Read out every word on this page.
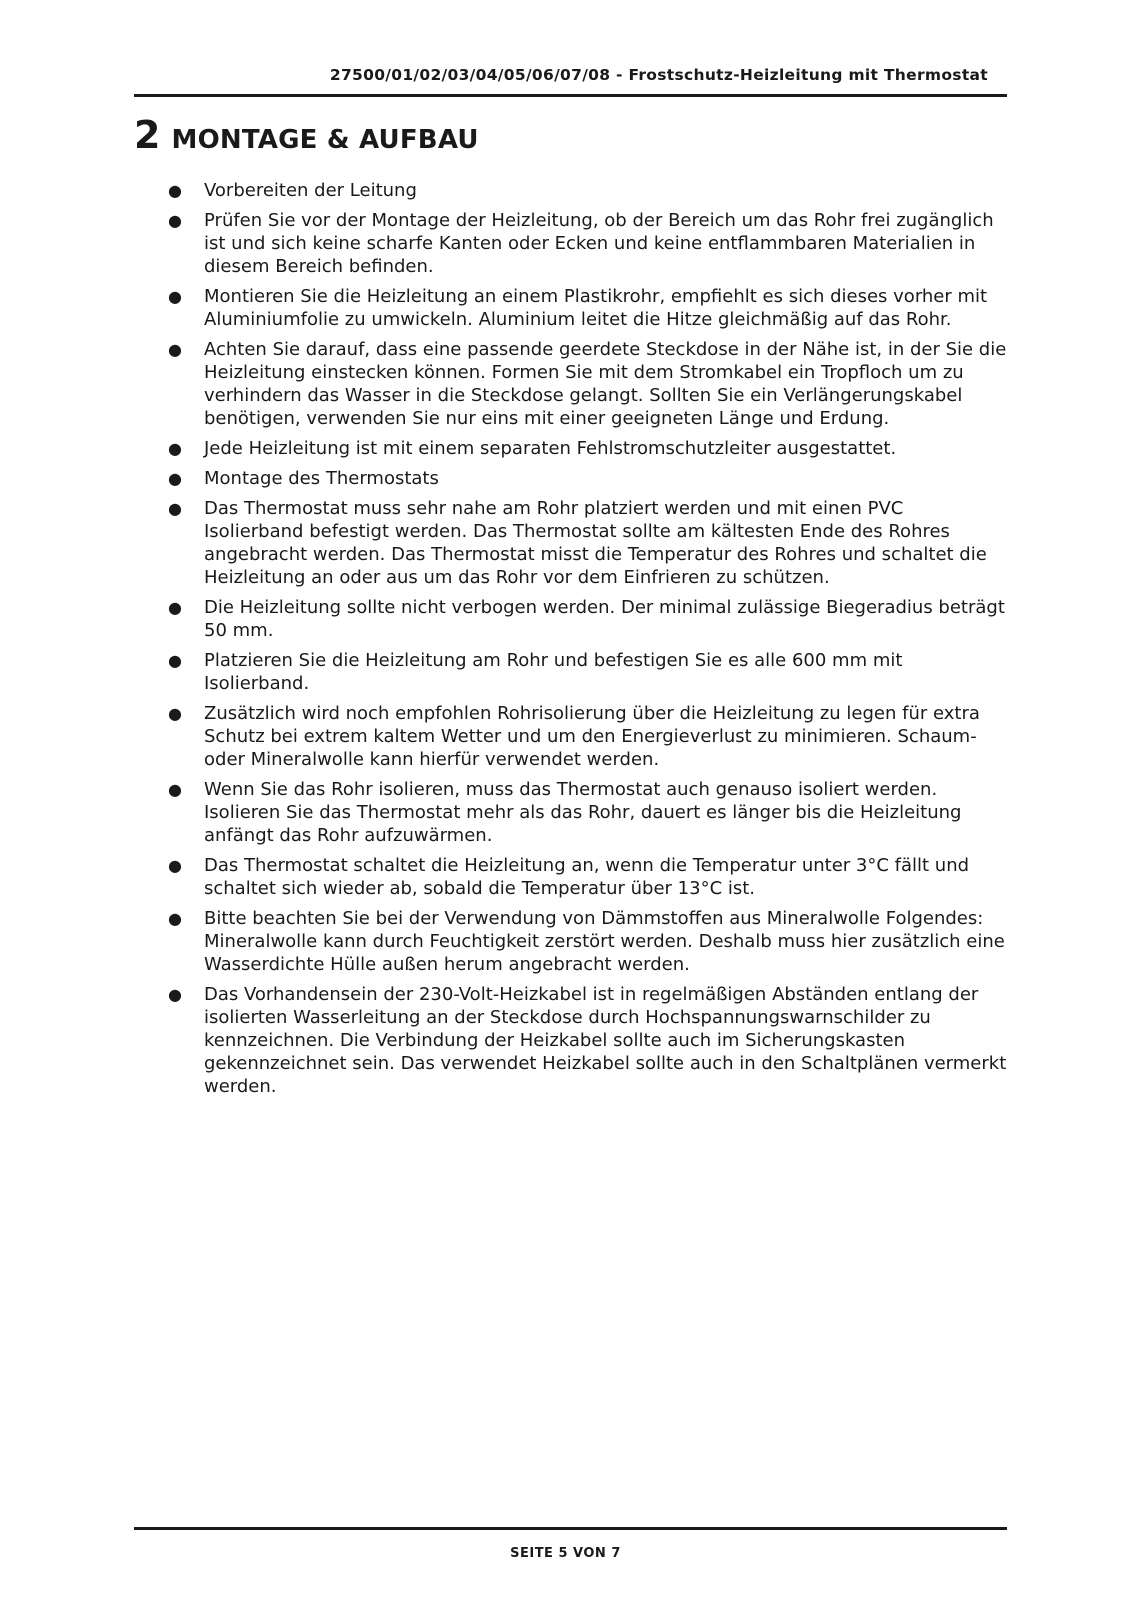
27500/01/02/03/04/05/06/07/08 - Frostschutz-Heizleitung mit Thermostat
2 MONTAGE & AUFBAU
● Vorbereiten der Leitung
● Prüfen Sie vor der Montage der Heizleitung, ob der Bereich um das Rohr frei zugänglich ist und sich keine scharfe Kanten oder Ecken und keine entflammbaren Materialien in diesem Bereich befinden.
● Montieren Sie die Heizleitung an einem Plastikrohr, empfiehlt es sich dieses vorher mit Aluminiumfolie zu umwickeln. Aluminium leitet die Hitze gleichmäßig auf das Rohr.
● Achten Sie darauf, dass eine passende geerdete Steckdose in der Nähe ist, in der Sie die Heizleitung einstecken können. Formen Sie mit dem Stromkabel ein Tropfloch um zu verhindern das Wasser in die Steckdose gelangt. Sollten Sie ein Verlängerungskabel benötigen, verwenden Sie nur eins mit einer geeigneten Länge und Erdung.
● Jede Heizleitung ist mit einem separaten Fehlstromschutzleiter ausgestattet.
● Montage des Thermostats
● Das Thermostat muss sehr nahe am Rohr platziert werden und mit einen PVC Isolierband befestigt werden. Das Thermostat sollte am kältesten Ende des Rohres angebracht werden. Das Thermostat misst die Temperatur des Rohres und schaltet die Heizleitung an oder aus um das Rohr vor dem Einfrieren zu schützen.
● Die Heizleitung sollte nicht verbogen werden. Der minimal zulässige Biegeradius beträgt 50 mm.
● Platzieren Sie die Heizleitung am Rohr und befestigen Sie es alle 600 mm mit Isolierband.
● Zusätzlich wird noch empfohlen Rohrisolierung über die Heizleitung zu legen für extra Schutz bei extrem kaltem Wetter und um den Energieverlust zu minimieren. Schaum- oder Mineralwolle kann hierfür verwendet werden.
● Wenn Sie das Rohr isolieren, muss das Thermostat auch genauso isoliert werden. Isolieren Sie das Thermostat mehr als das Rohr, dauert es länger bis die Heizleitung anfängt das Rohr aufzuwärmen.
● Das Thermostat schaltet die Heizleitung an, wenn die Temperatur unter 3°C fällt und schaltet sich wieder ab, sobald die Temperatur über 13°C ist.
● Bitte beachten Sie bei der Verwendung von Dämmstoffen aus Mineralwolle Folgendes: Mineralwolle kann durch Feuchtigkeit zerstört werden. Deshalb muss hier zusätzlich eine Wasserdichte Hülle außen herum angebracht werden.
● Das Vorhandensein der 230-Volt-Heizkabel ist in regelmäßigen Abständen entlang der isolierten Wasserleitung an der Steckdose durch Hochspannungswarnschilder zu kennzeichnen. Die Verbindung der Heizkabel sollte auch im Sicherungskasten gekennzeichnet sein. Das verwendet Heizkabel sollte auch in den Schaltplänen vermerkt werden.
SEITE 5 VON 7
